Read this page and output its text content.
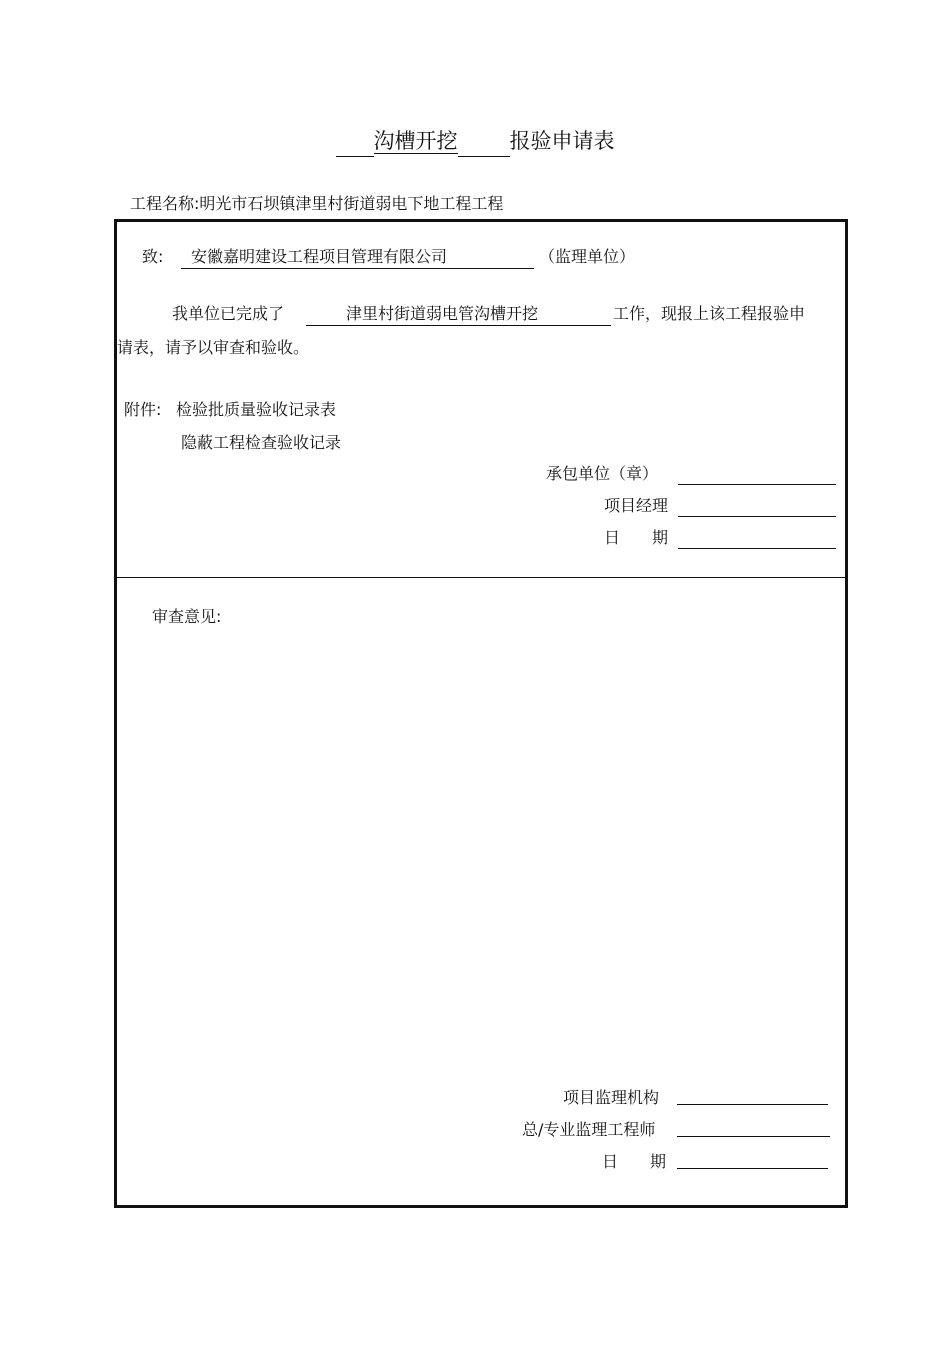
沟槽开挖 报验申请表
工程名称:明光市石坝镇津里村街道弱电下地工程工程
致: 安徽嘉明建设工程项目管理有限公司	（监理单位）
我单位已完成了	津里村街道弱电管沟槽开挖	工作，现报上该工程报验申
请表，请予以审查和验收。
附件: 检验批质量验收记录表
隐蔽工程检查验收记录
承包单位（章）
项目经理
日　　期
审查意见:
项目监理机构
总/专业监理工程师
日　　期
